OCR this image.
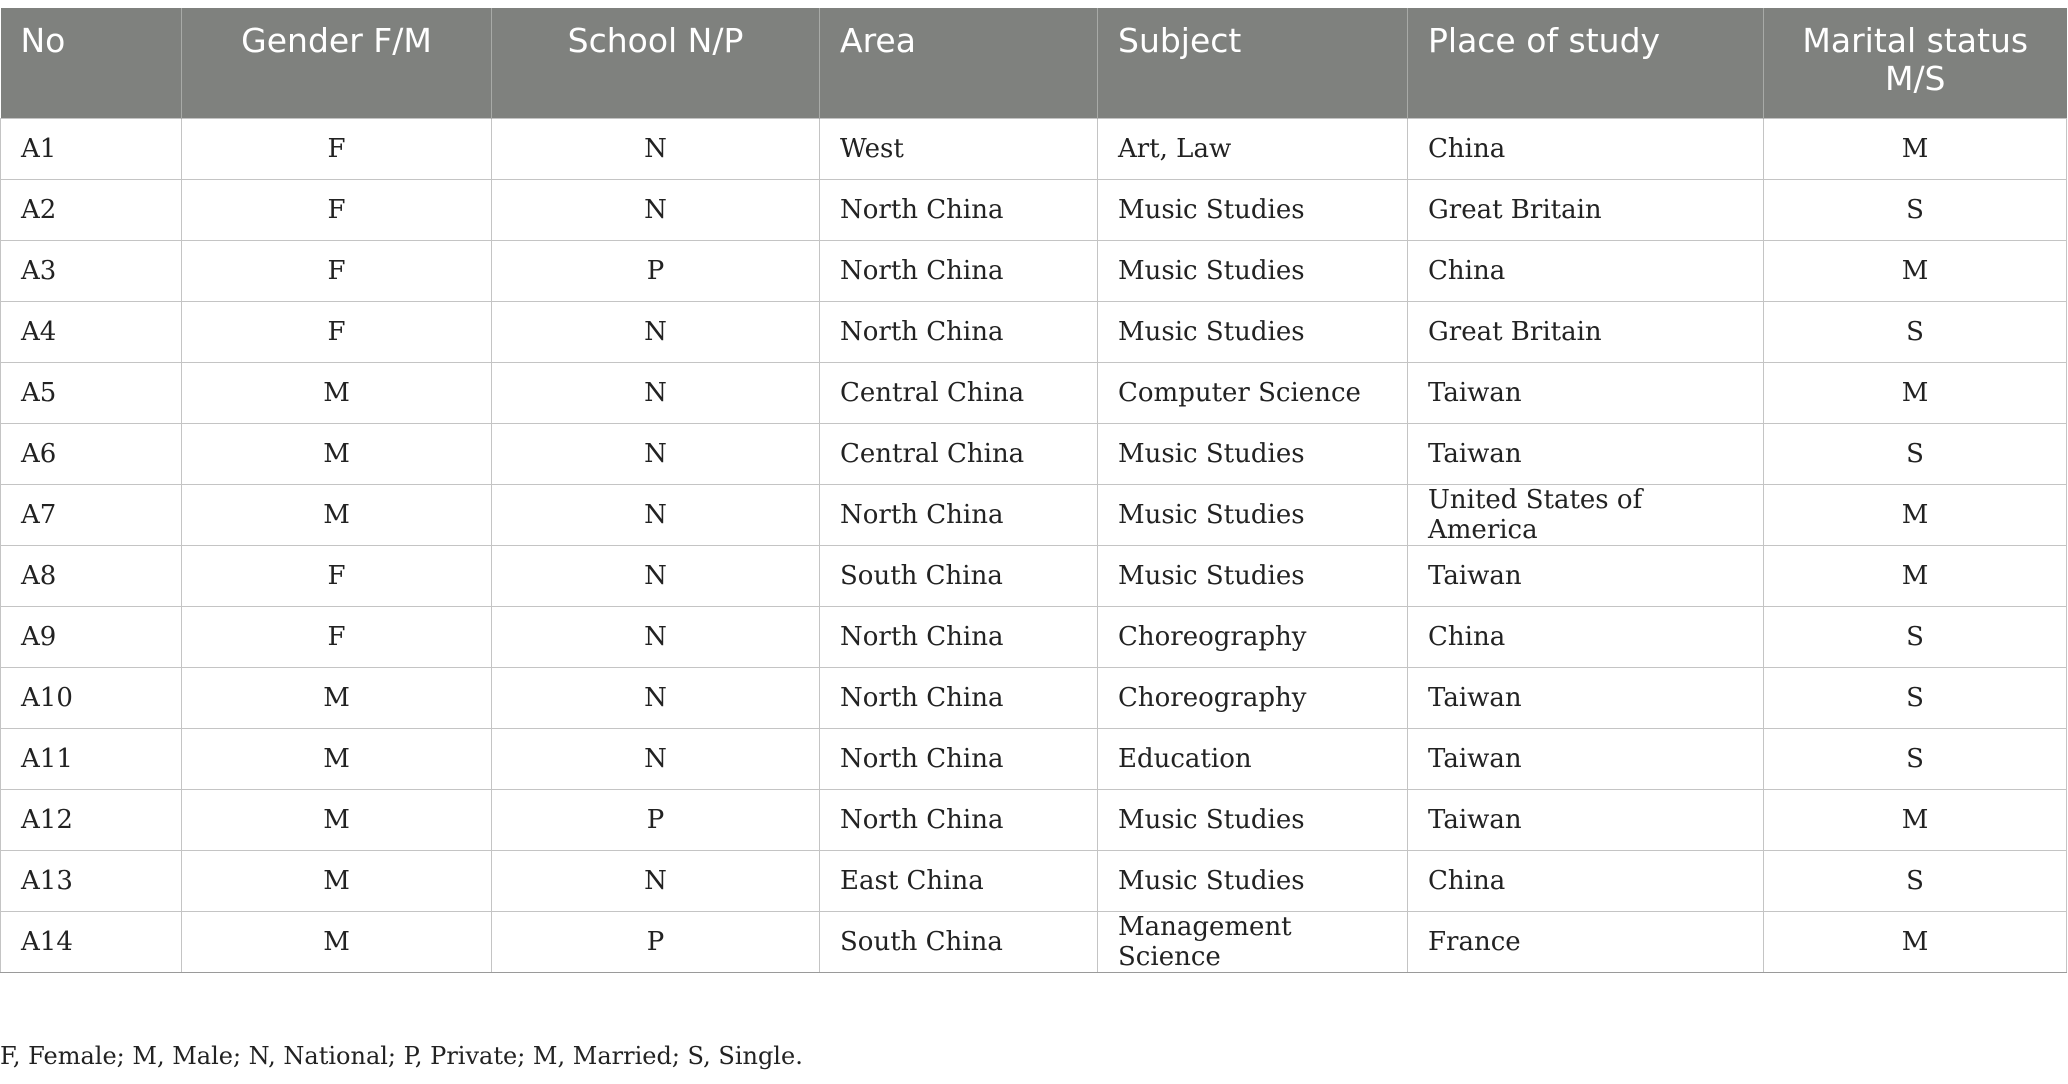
No	Gender F/M	School N/P	Area	Subject	Place of study	Marital status M/S
A1	F	N	West	Art, Law	China	M
A2	F	N	North China	Music Studies	Great Britain	S
A3	F	P	North China	Music Studies	China	M
A4	F	N	North China	Music Studies	Great Britain	S
A5	M	N	Central China	Computer Science	Taiwan	M
A6	M	N	Central China	Music Studies	Taiwan	S
A7	M	N	North China	Music Studies	United States of America	M
A8	F	N	South China	Music Studies	Taiwan	M
A9	F	N	North China	Choreography	China	S
A10	M	N	North China	Choreography	Taiwan	S
A11	M	N	North China	Education	Taiwan	S
A12	M	P	North China	Music Studies	Taiwan	M
A13	M	N	East China	Music Studies	China	S
A14	M	P	South China	Management Science	France	M
F, Female; M, Male; N, National; P, Private; M, Married; S, Single.
